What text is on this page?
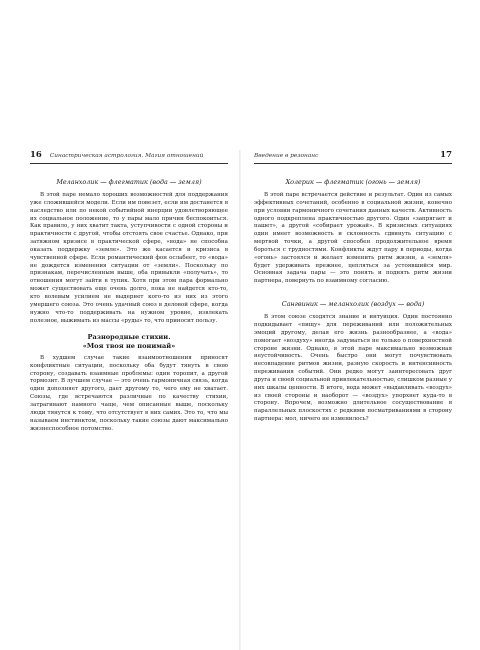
16 Синастрическая астрология. Магия отношений
Меланхолик — флегматик (вода — земля)

В этой паре немало хороших возможностей для поддержания уже сложившейся модели. Если им повезет, если им достанется в наследство или по некой событийной инерции удовлетворяющее их социальное положение, то у пары мало причин беспокоиться. Как правило, у них хватит такта, уступчивости с одной стороны и практичности с другой, чтобы отстоять свое счастье. Однако, при затяжном кризисе в практической сфере, «вода» не способна оказать поддержку «земле». Это же касается и кризиса в чувственной сфере. Если романтический фон ослабеет, то «вода» не дождется изменения ситуации от «земли». Поскольку по признакам, перечисленным выше, оба привыкли «получать», то отношения могут зайти в тупик. Хотя при этом пара формально может существовать еще очень долго, пока не найдется кто-то, кто волевым усилием не выдернет кого-то из них из этого умершего союза. Это очень удачный союз в деловой сфере, когда нужно что-то поддерживать на нужном уровне, извлекать полезное, выжимать из массы «руды» то, что приносит пользу.

Разнородные стихии.
«Моя твоя не понимай»

В худшем случае такие взаимоотношения приносят конфликтные ситуации, поскольку оба будут тянуть в свою сторону, создавать взаимные проблемы: один торопит, а другой тормозит. В лучшем случае — это очень гармоничная связь, когда один дополняет другого, дает другому то, чего ему не хватает. Союзы, где встречаются различные по качеству стихии, затрагивают намного чаще, чем описанные выше, поскольку люди тянутся к тому, что отсутствует в них самих. Это то, что мы называем инстинктом, поскольку такие союзы дают максимально жизнеспособное потомство.

Введение в резонанс	17
Холерик — флегматик (огонь — земля)

В этой паре встречается действие и результат. Один из самых эффективных сочетаний, особенно в социальной жизни, конечно при условии гармоничного сочетания данных качеств. Активность одного подкреплена практичностью другого. Один «запрягает и пашет», а другой «собирает урожай». В кризисных ситуациях один имеет возможность и склонность сдвинуть ситуацию с мертвой точки, а другой способен продолжительное время бороться с трудностями. Конфликты ждут пару в периоды, когда «огонь» застоялся и желает изменить ритм жизни, а «земля» будет удерживать прежнее, цепляться за устоявшийся мир. Основная задача пары — это понять и поднять ритм жизни партнера, повернуть по взаимному согласию.

Сангвиник — меланхолик (воздух — вода)

В этом союзе сходятся знание и интуиция. Один постоянно подкидывает «пищу» для переживаний или положительных эмоций другому, делая его жизнь разнообразнее, а «вода» помогает «воздуху» иногда задуматься не только о поверхностной стороне жизни. Однако, в этой паре максимально возможная неустойчивость. Очень быстро они могут почувствовать несовпадение ритмов жизни, разную скорость и интенсивность переживания событий. Они редко могут заинтересовать друг друга и своей социальной привлекательностью, слишком разные у них шкалы ценности. В итоге, вода может «выдавливать «воздух» из своей стороны и наоборот — «воздух» упорхнет куда-то в сторону. Впрочем, возможно длительное сосуществование в параллельных плоскостях с редкими посматриваниями в сторону партнера: мол, ничего не изменилось?
